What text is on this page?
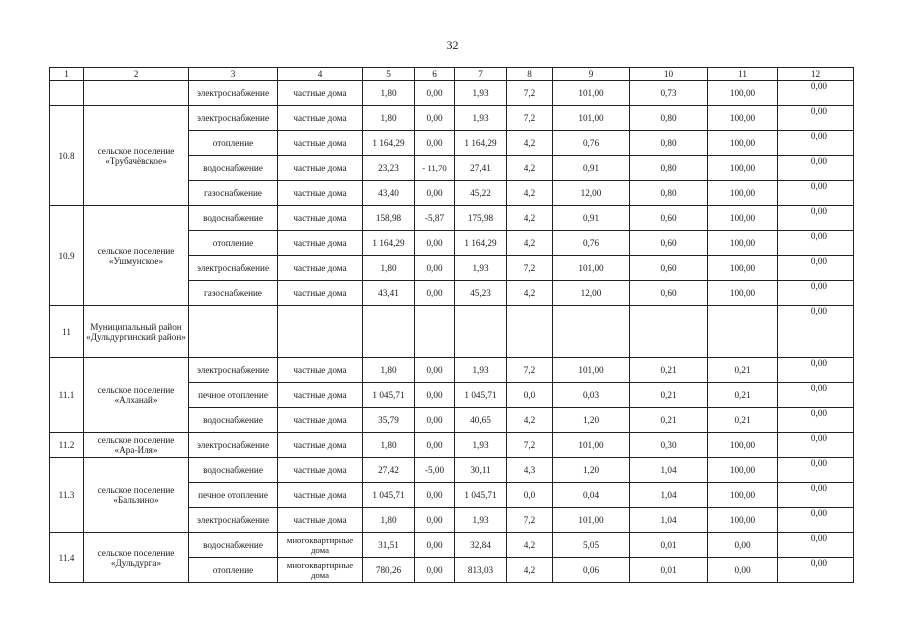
32
1	2	3	4	5	6	7	8	9	10	11	12
		электроснабжение	частные дома	1,80	0,00	1,93	7,2	101,00	0,73	100,00	0,00
10.8	сельское поселение «Трубачёвское»	электроснабжение	частные дома	1,80	0,00	1,93	7,2	101,00	0,80	100,00	0,00
		отопление	частные дома	1 164,29	0,00	1 164,29	4,2	0,76	0,80	100,00	0,00
		водоснабжение	частные дома	23,23	- 11,70	27,41	4,2	0,91	0,80	100,00	0,00
		газоснабжение	частные дома	43,40	0,00	45,22	4,2	12,00	0,80	100,00	0,00
10.9	сельское поселение «Ушмунское»	водоснабжение	частные дома	158,98	-5,87	175,98	4,2	0,91	0,60	100,00	0,00
		отопление	частные дома	1 164,29	0,00	1 164,29	4,2	0,76	0,60	100,00	0,00
		электроснабжение	частные дома	1,80	0,00	1,93	7,2	101,00	0,60	100,00	0,00
		газоснабжение	частные дома	43,41	0,00	45,23	4,2	12,00	0,60	100,00	0,00
11	Муниципальный район «Дульдургинский район»										0,00
11.1	сельское поселение «Алханай»	электроснабжение	частные дома	1,80	0,00	1,93	7,2	101,00	0,21	0,21	0,00
		печное отопление	частные дома	1 045,71	0,00	1 045,71	0,0	0,03	0,21	0,21	0,00
		водоснабжение	частные дома	35,79	0,00	40,65	4,2	1,20	0,21	0,21	0,00
11.2	сельское поселение «Ара-Иля»	электроснабжение	частные дома	1,80	0,00	1,93	7,2	101,00	0,30	100,00	0,00
11.3	сельское поселение «Бальзино»	водоснабжение	частные дома	27,42	-5,00	30,11	4,3	1,20	1,04	100,00	0,00
		печное отопление	частные дома	1 045,71	0,00	1 045,71	0,0	0,04	1,04	100,00	0,00
		электроснабжение	частные дома	1,80	0,00	1,93	7,2	101,00	1,04	100,00	0,00
11.4	сельское поселение «Дульдурга»	водоснабжение	многоквартирные дома	31,51	0,00	32,84	4,2	5,05	0,01	0,00	0,00
		отопление	многоквартирные дома	780,26	0,00	813,03	4,2	0,06	0,01	0,00	0,00
